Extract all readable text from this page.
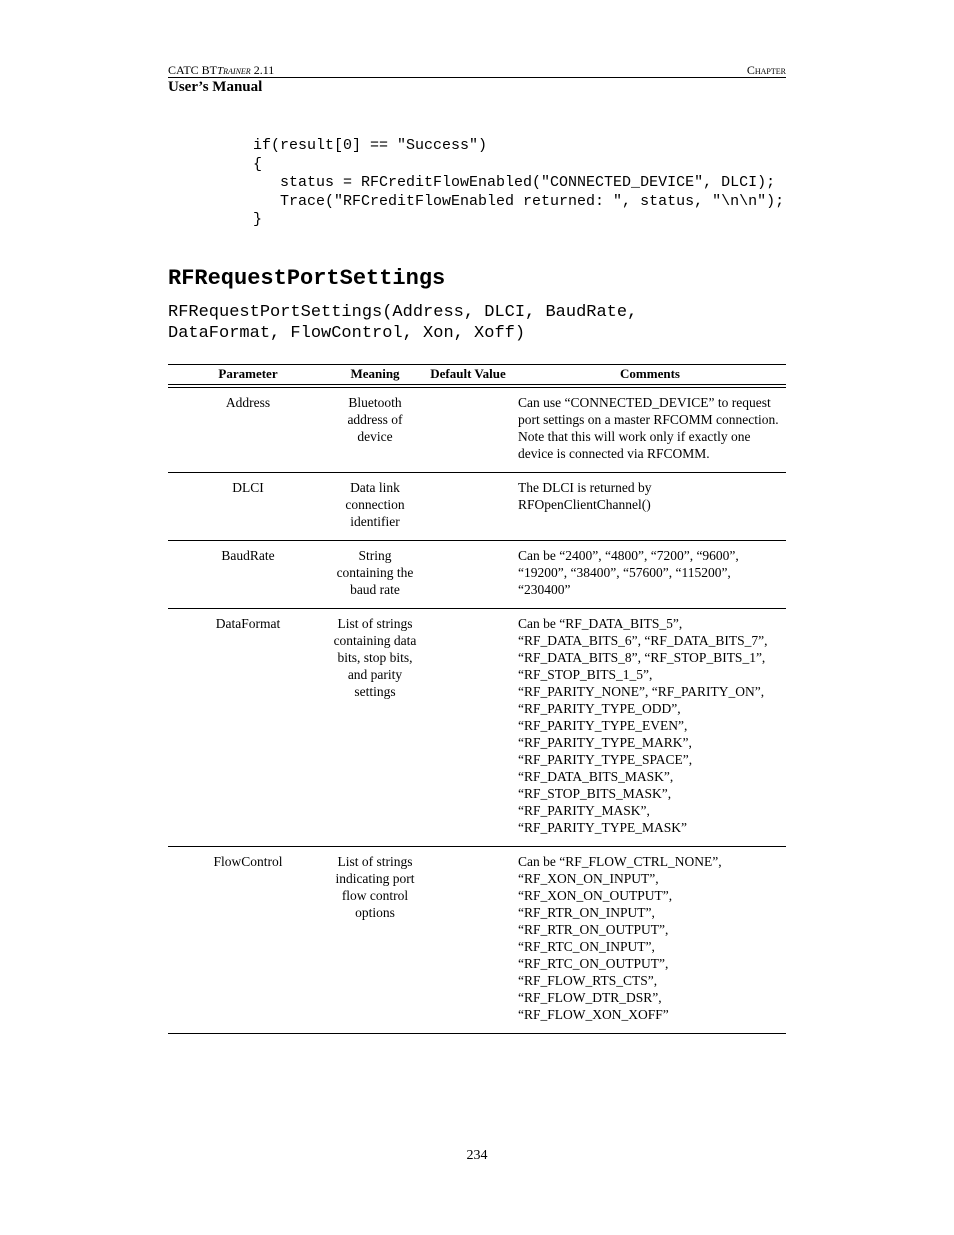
CATC BTTrainer 2.11	Chapter
User’s Manual
if(result[0] == "Success")
{
status = RFCreditFlowEnabled("CONNECTED_DEVICE", DLCI);
Trace("RFCreditFlowEnabled returned: ", status, "\n\n");
}
RFRequestPortSettings
RFRequestPortSettings(Address, DLCI, BaudRate,
DataFormat, FlowControl, Xon, Xoff)
Parameter	Meaning	Default Value	Comments
Address	Bluetooth address of device		Can use “CONNECTED_DEVICE” to request port settings on a master RFCOMM connection. Note that this will work only if exactly one device is connected via RFCOMM.
DLCI	Data link connection identifier		The DLCI is returned by RFOpenClientChannel()
BaudRate	String containing the baud rate		Can be “2400”, “4800”, “7200”, “9600”, “19200”, “38400”, “57600”, “115200”, “230400”
DataFormat	List of strings containing data bits, stop bits, and parity settings		Can be “RF_DATA_BITS_5”, “RF_DATA_BITS_6”, “RF_DATA_BITS_7”, “RF_DATA_BITS_8”, “RF_STOP_BITS_1”, “RF_STOP_BITS_1_5”, “RF_PARITY_NONE”, “RF_PARITY_ON”, “RF_PARITY_TYPE_ODD”, “RF_PARITY_TYPE_EVEN”, “RF_PARITY_TYPE_MARK”, “RF_PARITY_TYPE_SPACE”, “RF_DATA_BITS_MASK”, “RF_STOP_BITS_MASK”, “RF_PARITY_MASK”, “RF_PARITY_TYPE_MASK”
FlowControl	List of strings indicating port flow control options		Can be “RF_FLOW_CTRL_NONE”, “RF_XON_ON_INPUT”, “RF_XON_ON_OUTPUT”, “RF_RTR_ON_INPUT”, “RF_RTR_ON_OUTPUT”, “RF_RTC_ON_INPUT”, “RF_RTC_ON_OUTPUT”, “RF_FLOW_RTS_CTS”, “RF_FLOW_DTR_DSR”, “RF_FLOW_XON_XOFF”
234
